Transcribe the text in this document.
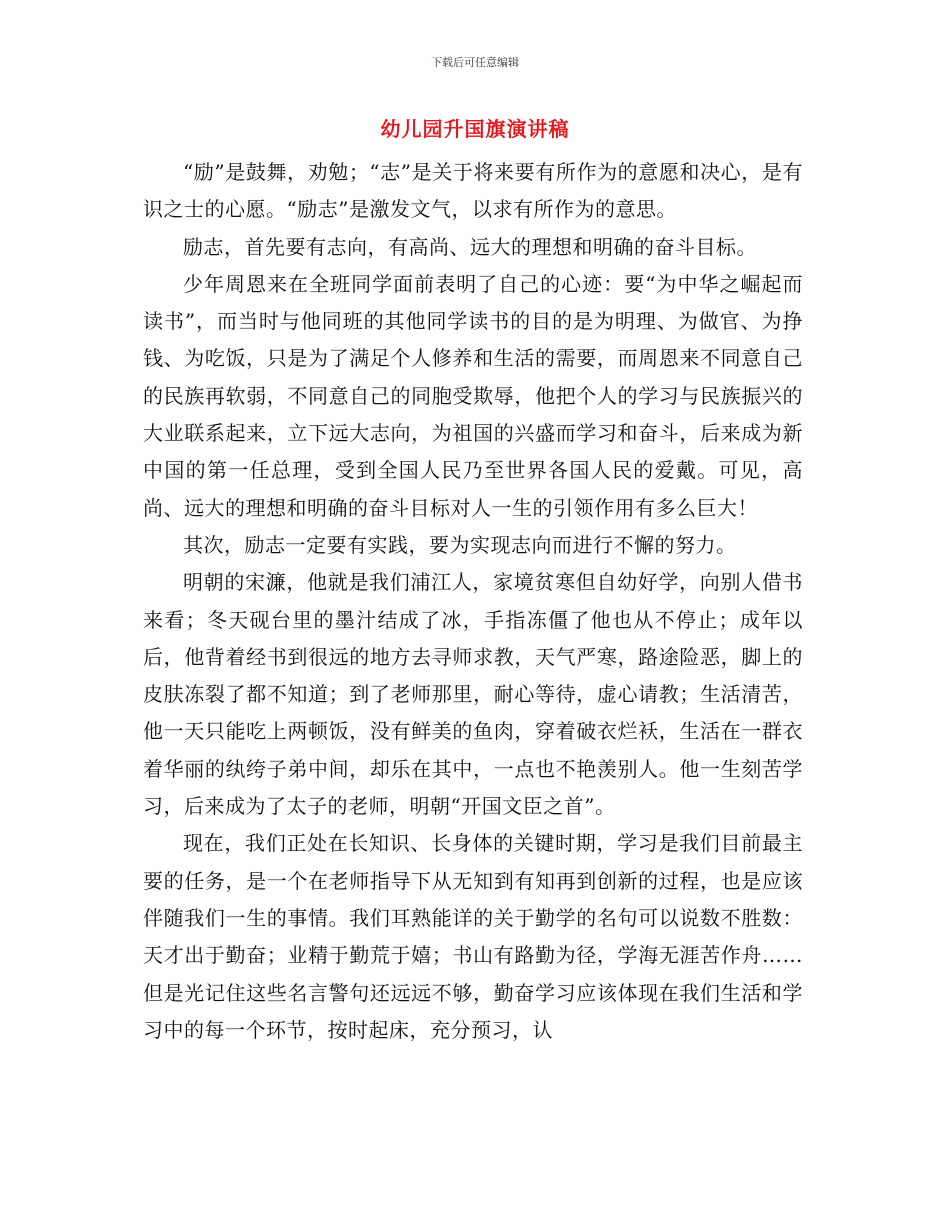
下载后可任意编辑
幼儿园升国旗演讲稿

“励”是鼓舞，劝勉；“志”是关于将来要有所作为的意愿和决心，是有识之士的心愿。“励志”是激发文气，以求有所作为的意思。

励志，首先要有志向，有高尚、远大的理想和明确的奋斗目标。

少年周恩来在全班同学面前表明了自己的心迹：要“为中华之崛起而读书”，而当时与他同班的其他同学读书的目的是为明理、为做官、为挣钱、为吃饭，只是为了满足个人修养和生活的需要，而周恩来不同意自己的民族再软弱，不同意自己的同胞受欺辱，他把个人的学习与民族振兴的大业联系起来，立下远大志向，为祖国的兴盛而学习和奋斗，后来成为新中国的第一任总理，受到全国人民乃至世界各国人民的爱戴。可见，高尚、远大的理想和明确的奋斗目标对人一生的引领作用有多么巨大！

其次，励志一定要有实践，要为实现志向而进行不懈的努力。

明朝的宋濂，他就是我们浦江人，家境贫寒但自幼好学，向别人借书来看；冬天砚台里的墨汁结成了冰，手指冻僵了他也从不停止；成年以后，他背着经书到很远的地方去寻师求教，天气严寒，路途险恶，脚上的皮肤冻裂了都不知道；到了老师那里，耐心等待，虚心请教；生活清苦，他一天只能吃上两顿饭，没有鲜美的鱼肉，穿着破衣烂袄，生活在一群衣着华丽的纨绔子弟中间，却乐在其中，一点也不艳羡别人。他一生刻苦学习，后来成为了太子的老师，明朝“开国文臣之首”。

现在，我们正处在长知识、长身体的关键时期，学习是我们目前最主要的任务，是一个在老师指导下从无知到有知再到创新的过程，也是应该伴随我们一生的事情。我们耳熟能详的关于勤学的名句可以说数不胜数：天才出于勤奋；业精于勤荒于嬉；书山有路勤为径，学海无涯苦作舟……但是光记住这些名言警句还远远不够，勤奋学习应该体现在我们生活和学习中的每一个环节，按时起床，充分预习，认
